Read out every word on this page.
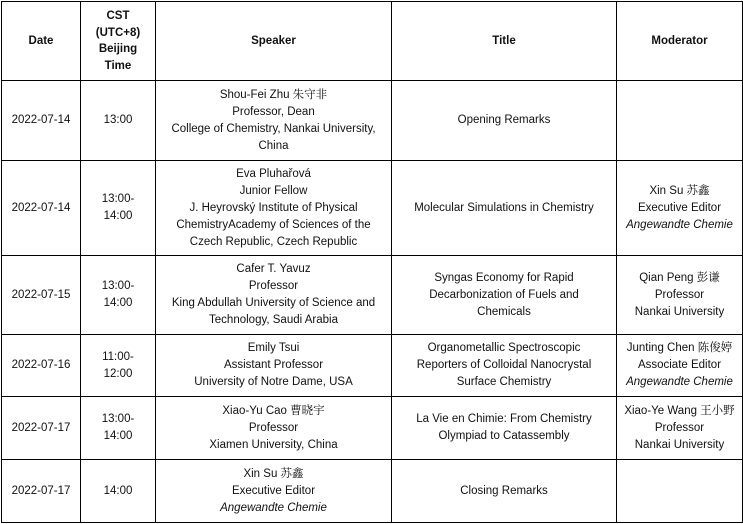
Date	CST (UTC+8) Beijing Time	Speaker	Title	Moderator
2022-07-14	13:00	Shou-Fei Zhu 朱守非
Professor, Dean
College of Chemistry, Nankai University, China	Opening Remarks	
2022-07-14	13:00-14:00	Eva Pluhařová
Junior Fellow
J. Heyrovský Institute of Physical ChemistryAcademy of Sciences of the Czech Republic, Czech Republic	Molecular Simulations in Chemistry	Xin Su 苏鑫
Executive Editor
Angewandte Chemie

2022-07-15	13:00-14:00	Cafer T. Yavuz
Professor
King Abdullah University of Science and Technology, Saudi Arabia	Syngas Economy for Rapid Decarbonization of Fuels and Chemicals	Qian Peng 彭谦
Professor
Nankai University

2022-07-16	11:00-12:00	Emily Tsui
Assistant Professor
University of Notre Dame, USA	Organometallic Spectroscopic Reporters of Colloidal Nanocrystal Surface Chemistry	Junting Chen 陈俊婷
Associate Editor
Angewandte Chemie

2022-07-17	13:00-14:00	Xiao-Yu Cao 曹晓宇
Professor
Xiamen University, China	La Vie en Chimie: From Chemistry Olympiad to Catassembly	Xiao-Ye Wang 王小野
Professor
Nankai University

2022-07-17	14:00	Xin Su 苏鑫
Executive Editor
Angewandte Chemie	Closing Remarks	
